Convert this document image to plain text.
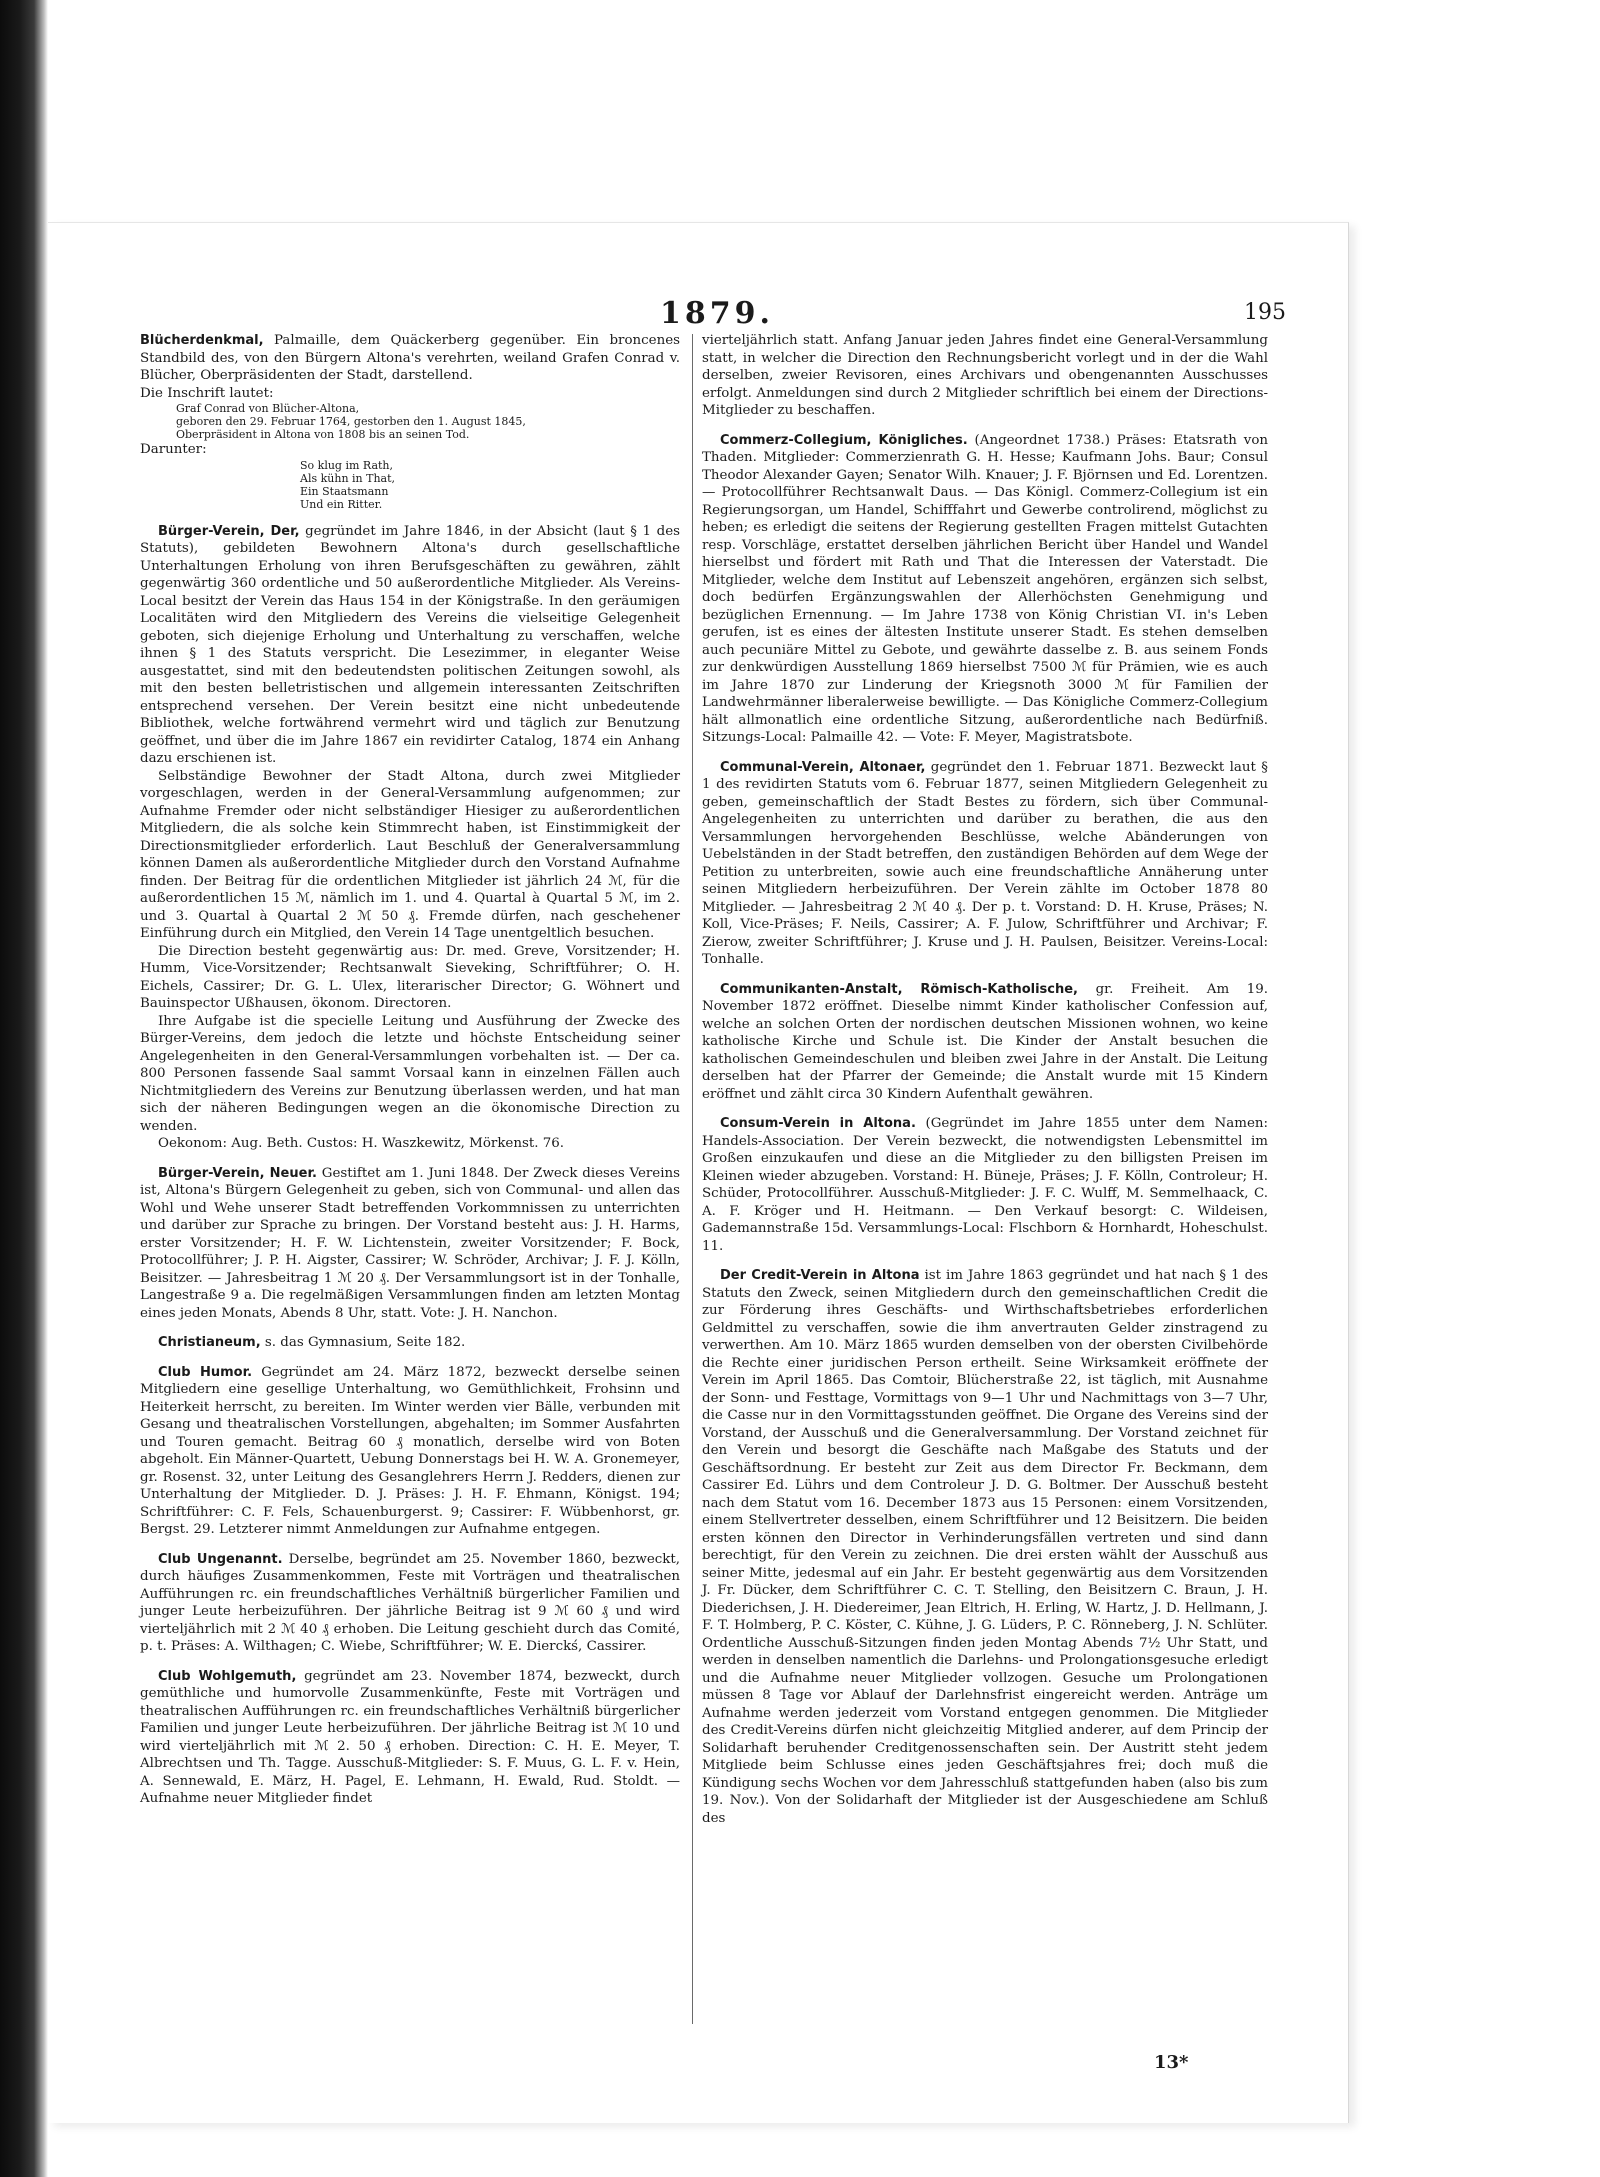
1879.	195

Blücherdenkmal, Palmaille, dem Quäckerberg gegenüber. Ein broncenes Standbild des, von den Bürgern Altona's verehrten, weiland Grafen Conrad v. Blücher, Oberpräsidenten der Stadt, darstellend.

Die Inschrift lautet:

Graf Conrad von Blücher-Altona,

geboren den 29. Februar 1764, gestorben den 1. August 1845,

Oberpräsident in Altona von 1808 bis an seinen Tod.

Darunter:

So klug im Rath,

Als kühn in That,

Ein Staatsmann

Und ein Ritter.

Bürger-Verein, Der, gegründet im Jahre 1846, in der Absicht (laut § 1 des Statuts), gebildeten Bewohnern Altona's durch gesellschaftliche Unterhaltungen Erholung von ihren Berufsgeschäften zu gewähren, zählt gegenwärtig 360 ordentliche und 50 außerordentliche Mitglieder. Als Vereins-Local besitzt der Verein das Haus 154 in der Königstraße. In den geräumigen Localitäten wird den Mitgliedern des Vereins die vielseitige Gelegenheit geboten, sich diejenige Erholung und Unterhaltung zu verschaffen, welche ihnen § 1 des Statuts verspricht. Die Lesezimmer, in eleganter Weise ausgestattet, sind mit den bedeutendsten politischen Zeitungen sowohl, als mit den besten belletristischen und allgemein interessanten Zeitschriften entsprechend versehen. Der Verein besitzt eine nicht unbedeutende Bibliothek, welche fortwährend vermehrt wird und täglich zur Benutzung geöffnet, und über die im Jahre 1867 ein revidirter Catalog, 1874 ein Anhang dazu erschienen ist.

Selbständige Bewohner der Stadt Altona, durch zwei Mitglieder vorgeschlagen, werden in der General-Versammlung aufgenommen; zur Aufnahme Fremder oder nicht selbständiger Hiesiger zu außerordentlichen Mitgliedern, die als solche kein Stimmrecht haben, ist Einstimmigkeit der Directionsmitglieder erforderlich. Laut Beschluß der Generalversammlung können Damen als außerordentliche Mitglieder durch den Vorstand Aufnahme finden. Der Beitrag für die ordentlichen Mitglieder ist jährlich 24 ℳ, für die außerordentlichen 15 ℳ, nämlich im 1. und 4. Quartal à Quartal 5 ℳ, im 2. und 3. Quartal à Quartal 2 ℳ 50 ₰. Fremde dürfen, nach geschehener Einführung durch ein Mitglied, den Verein 14 Tage unentgeltlich besuchen.

Die Direction besteht gegenwärtig aus: Dr. med. Greve, Vorsitzender; H. Humm, Vice-Vorsitzender; Rechtsanwalt Sieveking, Schriftführer; O. H. Eichels, Cassirer; Dr. G. L. Ulex, literarischer Director; G. Wöhnert und Bauinspector Ußhausen, ökonom. Directoren.

Ihre Aufgabe ist die specielle Leitung und Ausführung der Zwecke des Bürger-Vereins, dem jedoch die letzte und höchste Entscheidung seiner Angelegenheiten in den General-Versammlungen vorbehalten ist. — Der ca. 800 Personen fassende Saal sammt Vorsaal kann in einzelnen Fällen auch Nichtmitgliedern des Vereins zur Benutzung überlassen werden, und hat man sich der näheren Bedingungen wegen an die ökonomische Direction zu wenden.

Oekonom: Aug. Beth. Custos: H. Waszkewitz, Mörkenst. 76.

Bürger-Verein, Neuer. Gestiftet am 1. Juni 1848. Der Zweck dieses Vereins ist, Altona's Bürgern Gelegenheit zu geben, sich von Communal- und allen das Wohl und Wehe unserer Stadt betreffenden Vorkommnissen zu unterrichten und darüber zur Sprache zu bringen. Der Vorstand besteht aus: J. H. Harms, erster Vorsitzender; H. F. W. Lichtenstein, zweiter Vorsitzender; F. Bock, Protocollführer; J. P. H. Aigster, Cassirer; W. Schröder, Archivar; J. F. J. Kölln, Beisitzer. — Jahresbeitrag 1 ℳ 20 ₰. Der Versammlungsort ist in der Tonhalle, Langestraße 9 a. Die regelmäßigen Versammlungen finden am letzten Montag eines jeden Monats, Abends 8 Uhr, statt. Vote: J. H. Nanchon.

Christianeum, s. das Gymnasium, Seite 182.

Club Humor. Gegründet am 24. März 1872, bezweckt derselbe seinen Mitgliedern eine gesellige Unterhaltung, wo Gemüthlichkeit, Frohsinn und Heiterkeit herrscht, zu bereiten. Im Winter werden vier Bälle, verbunden mit Gesang und theatralischen Vorstellungen, abgehalten; im Sommer Ausfahrten und Touren gemacht. Beitrag 60 ₰ monatlich, derselbe wird von Boten abgeholt. Ein Männer-Quartett, Uebung Donnerstags bei H. W. A. Gronemeyer, gr. Rosenst. 32, unter Leitung des Gesanglehrers Herrn J. Redders, dienen zur Unterhaltung der Mitglieder. D. J. Präses: J. H. F. Ehmann, Königst. 194; Schriftführer: C. F. Fels, Schauenburgerst. 9; Cassirer: F. Wübbenhorst, gr. Bergst. 29. Letzterer nimmt Anmeldungen zur Aufnahme entgegen.

Club Ungenannt. Derselbe, begründet am 25. November 1860, bezweckt, durch häufiges Zusammenkommen, Feste mit Vorträgen und theatralischen Aufführungen rc. ein freundschaftliches Verhältniß bürgerlicher Familien und junger Leute herbeizuführen. Der jährliche Beitrag ist 9 ℳ 60 ₰ und wird vierteljährlich mit 2 ℳ 40 ₰ erhoben. Die Leitung geschieht durch das Comité, p. t. Präses: A. Wilthagen; C. Wiebe, Schriftführer; W. E. Dierckś, Cassirer.

Club Wohlgemuth, gegründet am 23. November 1874, bezweckt, durch gemüthliche und humorvolle Zusammenkünfte, Feste mit Vorträgen und theatralischen Aufführungen rc. ein freundschaftliches Verhältniß bürgerlicher Familien und junger Leute herbeizuführen. Der jährliche Beitrag ist ℳ 10 und wird vierteljährlich mit ℳ 2. 50 ₰ erhoben. Direction: C. H. E. Meyer, T. Albrechtsen und Th. Tagge. Ausschuß-Mitglieder: S. F. Muus, G. L. F. v. Hein, A. Sennewald, E. März, H. Pagel, E. Lehmann, H. Ewald, Rud. Stoldt. — Aufnahme neuer Mitglieder findet

vierteljährlich statt. Anfang Januar jeden Jahres findet eine General-Versammlung statt, in welcher die Direction den Rechnungsbericht vorlegt und in der die Wahl derselben, zweier Revisoren, eines Archivars und obengenannten Ausschusses erfolgt. Anmeldungen sind durch 2 Mitglieder schriftlich bei einem der Directions-Mitglieder zu beschaffen.

Commerz-Collegium, Königliches. (Angeordnet 1738.) Präses: Etatsrath von Thaden. Mitglieder: Commerzienrath G. H. Hesse; Kaufmann Johs. Baur; Consul Theodor Alexander Gayen; Senator Wilh. Knauer; J. F. Björnsen und Ed. Lorentzen. — Protocollführer Rechtsanwalt Daus. — Das Königl. Commerz-Collegium ist ein Regierungsorgan, um Handel, Schifffahrt und Gewerbe controlirend, möglichst zu heben; es erledigt die seitens der Regierung gestellten Fragen mittelst Gutachten resp. Vorschläge, erstattet derselben jährlichen Bericht über Handel und Wandel hierselbst und fördert mit Rath und That die Interessen der Vaterstadt. Die Mitglieder, welche dem Institut auf Lebenszeit angehören, ergänzen sich selbst, doch bedürfen Ergänzungswahlen der Allerhöchsten Genehmigung und bezüglichen Ernennung. — Im Jahre 1738 von König Christian VI. in's Leben gerufen, ist es eines der ältesten Institute unserer Stadt. Es stehen demselben auch pecuniäre Mittel zu Gebote, und gewährte dasselbe z. B. aus seinem Fonds zur denkwürdigen Ausstellung 1869 hierselbst 7500 ℳ für Prämien, wie es auch im Jahre 1870 zur Linderung der Kriegsnoth 3000 ℳ für Familien der Landwehrmänner liberalerweise bewilligte. — Das Königliche Commerz-Collegium hält allmonatlich eine ordentliche Sitzung, außerordentliche nach Bedürfniß. Sitzungs-Local: Palmaille 42. — Vote: F. Meyer, Magistratsbote.

Communal-Verein, Altonaer, gegründet den 1. Februar 1871. Bezweckt laut § 1 des revidirten Statuts vom 6. Februar 1877, seinen Mitgliedern Gelegenheit zu geben, gemeinschaftlich der Stadt Bestes zu fördern, sich über Communal-Angelegenheiten zu unterrichten und darüber zu berathen, die aus den Versammlungen hervorgehenden Beschlüsse, welche Abänderungen von Uebelständen in der Stadt betreffen, den zuständigen Behörden auf dem Wege der Petition zu unterbreiten, sowie auch eine freundschaftliche Annäherung unter seinen Mitgliedern herbeizuführen. Der Verein zählte im October 1878 80 Mitglieder. — Jahresbeitrag 2 ℳ 40 ₰. Der p. t. Vorstand: D. H. Kruse, Präses; N. Koll, Vice-Präses; F. Neils, Cassirer; A. F. Julow, Schriftführer und Archivar; F. Zierow, zweiter Schriftführer; J. Kruse und J. H. Paulsen, Beisitzer. Vereins-Local: Tonhalle.

Communikanten-Anstalt, Römisch-Katholische, gr. Freiheit. Am 19. November 1872 eröffnet. Dieselbe nimmt Kinder katholischer Confession auf, welche an solchen Orten der nordischen deutschen Missionen wohnen, wo keine katholische Kirche und Schule ist. Die Kinder der Anstalt besuchen die katholischen Gemeindeschulen und bleiben zwei Jahre in der Anstalt. Die Leitung derselben hat der Pfarrer der Gemeinde; die Anstalt wurde mit 15 Kindern eröffnet und zählt circa 30 Kindern Aufenthalt gewähren.

Consum-Verein in Altona. (Gegründet im Jahre 1855 unter dem Namen: Handels-Association. Der Verein bezweckt, die notwendigsten Lebensmittel im Großen einzukaufen und diese an die Mitglieder zu den billigsten Preisen im Kleinen wieder abzugeben. Vorstand: H. Büneje, Präses; J. F. Kölln, Controleur; H. Schüder, Protocollführer. Ausschuß-Mitglieder: J. F. C. Wulff, M. Semmelhaack, C. A. F. Kröger und H. Heitmann. — Den Verkauf besorgt: C. Wildeisen, Gademannstraße 15d. Versammlungs-Local: Flschborn & Hornhardt, Hoheschulst. 11.

Der Credit-Verein in Altona ist im Jahre 1863 gegründet und hat nach § 1 des Statuts den Zweck, seinen Mitgliedern durch den gemeinschaftlichen Credit die zur Förderung ihres Geschäfts- und Wirthschaftsbetriebes erforderlichen Geldmittel zu verschaffen, sowie die ihm anvertrauten Gelder zinstragend zu verwerthen. Am 10. März 1865 wurden demselben von der obersten Civilbehörde die Rechte einer juridischen Person ertheilt. Seine Wirksamkeit eröffnete der Verein im April 1865. Das Comtoir, Blücherstraße 22, ist täglich, mit Ausnahme der Sonn- und Festtage, Vormittags von 9—1 Uhr und Nachmittags von 3—7 Uhr, die Casse nur in den Vormittagsstunden geöffnet. Die Organe des Vereins sind der Vorstand, der Ausschuß und die Generalversammlung. Der Vorstand zeichnet für den Verein und besorgt die Geschäfte nach Maßgabe des Statuts und der Geschäftsordnung. Er besteht zur Zeit aus dem Director Fr. Beckmann, dem Cassirer Ed. Lührs und dem Controleur J. D. G. Boltmer. Der Ausschuß besteht nach dem Statut vom 16. December 1873 aus 15 Personen: einem Vorsitzenden, einem Stellvertreter desselben, einem Schriftführer und 12 Beisitzern. Die beiden ersten können den Director in Verhinderungsfällen vertreten und sind dann berechtigt, für den Verein zu zeichnen. Die drei ersten wählt der Ausschuß aus seiner Mitte, jedesmal auf ein Jahr. Er besteht gegenwärtig aus dem Vorsitzenden J. Fr. Dücker, dem Schriftführer C. C. T. Stelling, den Beisitzern C. Braun, J. H. Diederichsen, J. H. Diedereimer, Jean Eltrich, H. Erling, W. Hartz, J. D. Hellmann, J. F. T. Holmberg, P. C. Köster, C. Kühne, J. G. Lüders, P. C. Rönneberg, J. N. Schlüter. Ordentliche Ausschuß-Sitzungen finden jeden Montag Abends 7½ Uhr Statt, und werden in denselben namentlich die Darlehns- und Prolongationsgesuche erledigt und die Aufnahme neuer Mitglieder vollzogen. Gesuche um Prolongationen müssen 8 Tage vor Ablauf der Darlehnsfrist eingereicht werden. Anträge um Aufnahme werden jederzeit vom Vorstand entgegen genommen. Die Mitglieder des Credit-Vereins dürfen nicht gleichzeitig Mitglied anderer, auf dem Princip der Solidarhaft beruhender Creditgenossenschaften sein. Der Austritt steht jedem Mitgliede beim Schlusse eines jeden Geschäftsjahres frei; doch muß die Kündigung sechs Wochen vor dem Jahresschluß stattgefunden haben (also bis zum 19. Nov.). Von der Solidarhaft der Mitglieder ist der Ausgeschiedene am Schluß des

13*
